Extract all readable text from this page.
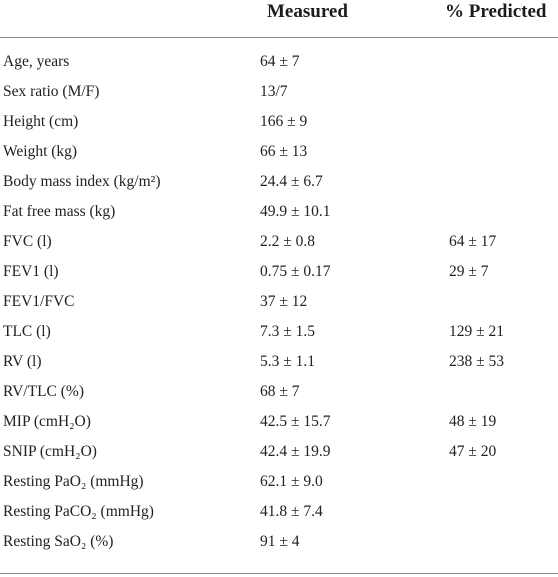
Measured	% Predicted
Age, years	64 ± 7
Sex ratio (M/F)	13/7
Height (cm)	166 ± 9
Weight (kg)	66 ± 13
Body mass index (kg/m²)	24.4 ± 6.7
Fat free mass (kg)	49.9 ± 10.1
FVC (l)	2.2 ± 0.8	64 ± 17
FEV1 (l)	0.75 ± 0.17	29 ± 7
FEV1/FVC	37 ± 12
TLC (l)	7.3 ± 1.5	129 ± 21
RV (l)	5.3 ± 1.1	238 ± 53
RV/TLC (%)	68 ± 7
MIP (cmH₂O)	42.5 ± 15.7	48 ± 19
SNIP (cmH₂O)	42.4 ± 19.9	47 ± 20
Resting PaO₂ (mmHg)	62.1 ± 9.0
Resting PaCO₂ (mmHg)	41.8 ± 7.4
Resting SaO₂ (%)	91 ± 4
